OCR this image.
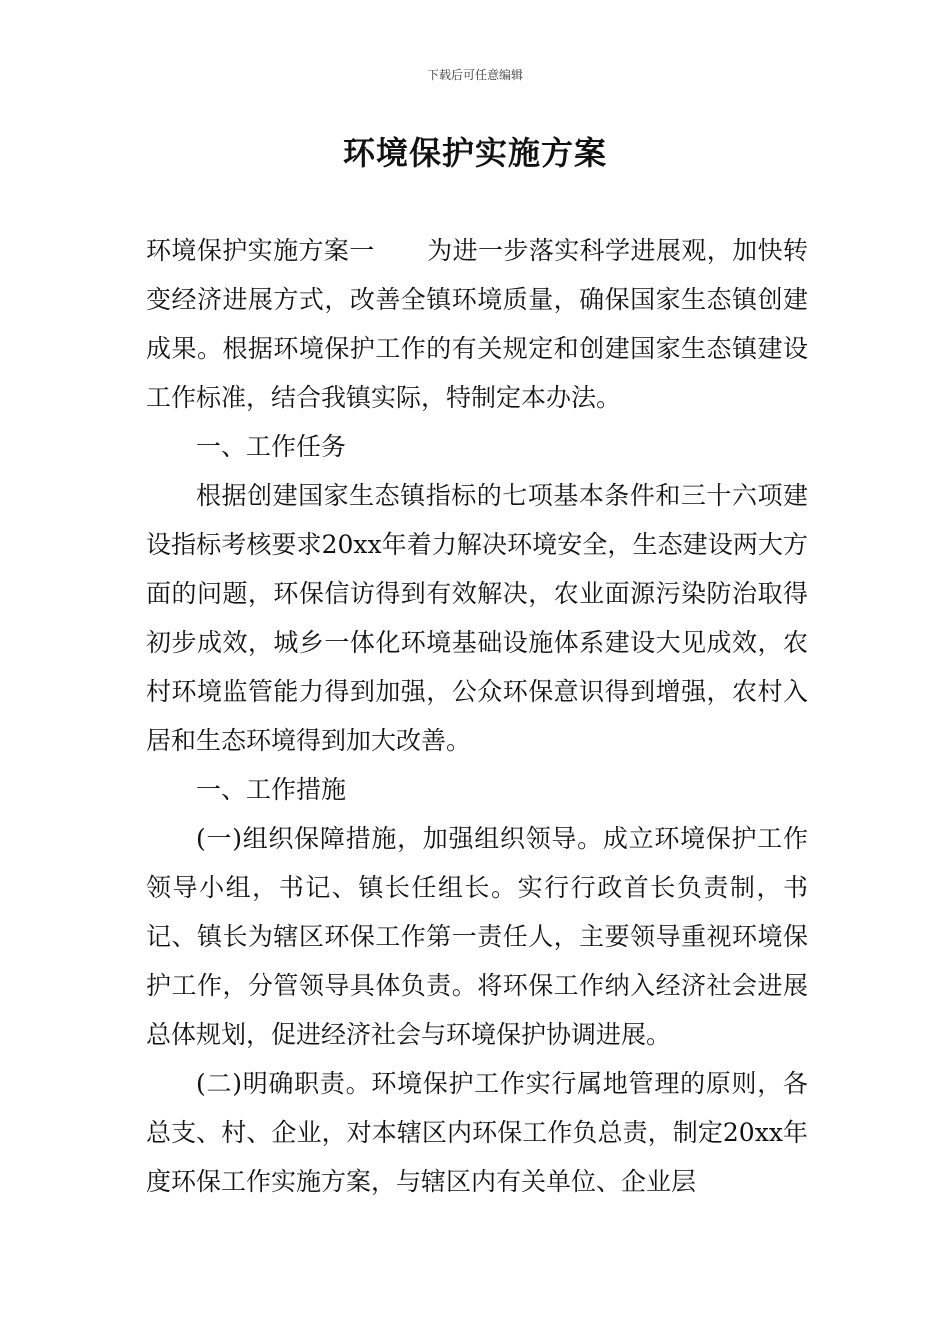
下载后可任意编辑
环境保护实施方案

环境保护实施方案一 为进一步落实科学进展观，加快转变经济进展方式，改善全镇环境质量，确保国家生态镇创建成果。根据环境保护工作的有关规定和创建国家生态镇建设工作标准，结合我镇实际，特制定本办法。

一、工作任务

根据创建国家生态镇指标的七项基本条件和三十六项建设指标考核要求20xx年着力解决环境安全，生态建设两大方面的问题，环保信访得到有效解决，农业面源污染防治取得初步成效，城乡一体化环境基础设施体系建设大见成效，农村环境监管能力得到加强，公众环保意识得到增强，农村入居和生态环境得到加大改善。

一、工作措施

(一)组织保障措施，加强组织领导。成立环境保护工作领导小组，书记、镇长任组长。实行行政首长负责制，书记、镇长为辖区环保工作第一责任人，主要领导重视环境保护工作，分管领导具体负责。将环保工作纳入经济社会进展总体规划，促进经济社会与环境保护协调进展。

(二)明确职责。环境保护工作实行属地管理的原则，各总支、村、企业，对本辖区内环保工作负总责，制定20xx年度环保工作实施方案，与辖区内有关单位、企业层
